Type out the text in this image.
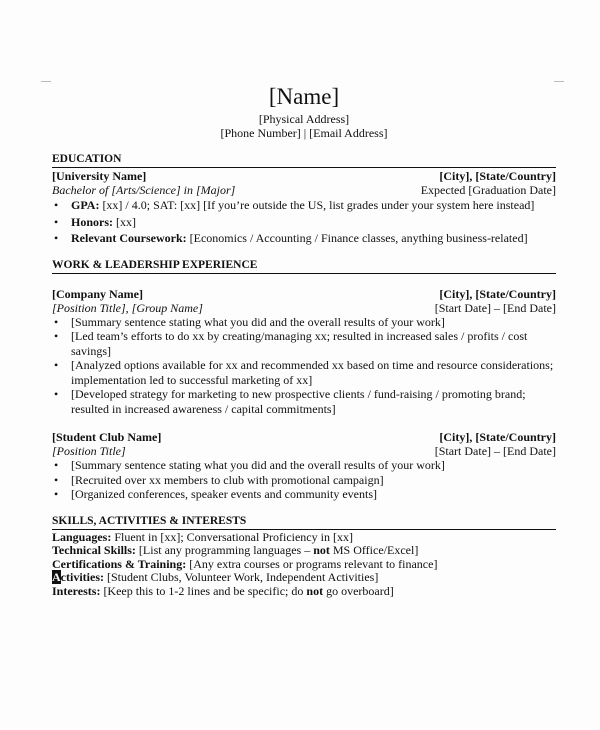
[Name]
[Physical Address]
[Phone Number] | [Email Address]
EDUCATION
[University Name]	[City], [State/Country]
Bachelor of [Arts/Science] in [Major]	Expected [Graduation Date]
• GPA: [xx] / 4.0; SAT: [xx] [If you’re outside the US, list grades under your system here instead]
• Honors: [xx]
• Relevant Coursework: [Economics / Accounting / Finance classes, anything business-related]
WORK & LEADERSHIP EXPERIENCE
[Company Name]	[City], [State/Country]
[Position Title], [Group Name]	[Start Date] – [End Date]
• [Summary sentence stating what you did and the overall results of your work]
• [Led team’s efforts to do xx by creating/managing xx; resulted in increased sales / profits / cost savings]
• [Analyzed options available for xx and recommended xx based on time and resource considerations; implementation led to successful marketing of xx]
• [Developed strategy for marketing to new prospective clients / fund-raising / promoting brand; resulted in increased awareness / capital commitments]
[Student Club Name]	[City], [State/Country]
[Position Title]	[Start Date] – [End Date]
• [Summary sentence stating what you did and the overall results of your work]
• [Recruited over xx members to club with promotional campaign]
• [Organized conferences, speaker events and community events]
SKILLS, ACTIVITIES & INTERESTS
Languages: Fluent in [xx]; Conversational Proficiency in [xx]
Technical Skills: [List any programming languages – not MS Office/Excel]
Certifications & Training: [Any extra courses or programs relevant to finance]
Activities: [Student Clubs, Volunteer Work, Independent Activities]
Interests: [Keep this to 1-2 lines and be specific; do not go overboard]
